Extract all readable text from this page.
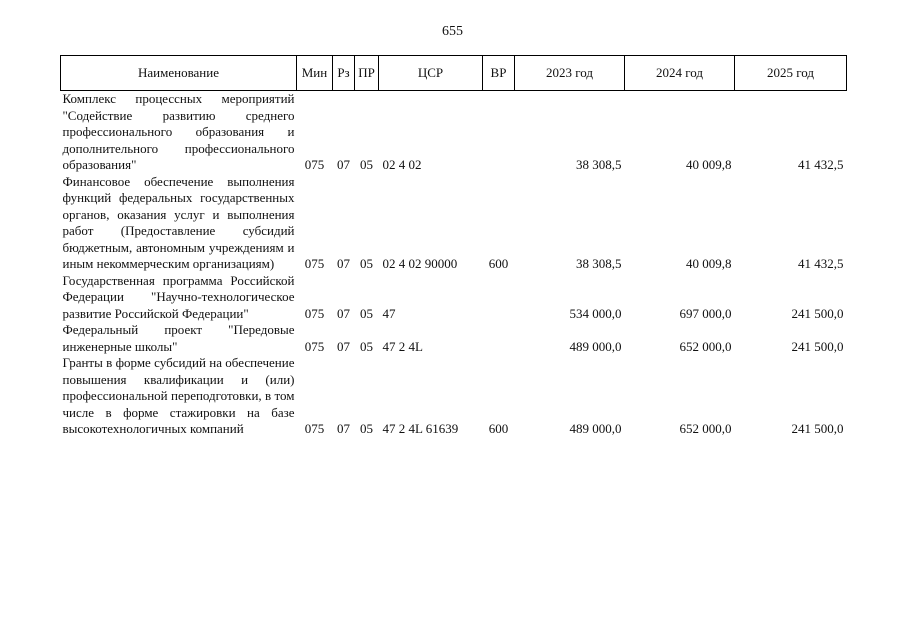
655
Наименование	Мин	Рз	ПР	ЦСР	ВР	2023 год	2024 год	2025 год
Комплекс процессных мероприятий "Содействие развитию среднего профессионального образования и дополнительного профессионального образования"	075	07	05	02 4 02		38 308,5	40 009,8	41 432,5
Финансовое обеспечение выполнения функций федеральных государственных органов, оказания услуг и выполнения работ (Предоставление субсидий бюджетным, автономным учреждениям и иным некоммерческим организациям)	075	07	05	02 4 02 90000	600	38 308,5	40 009,8	41 432,5
Государственная программа Российской Федерации "Научно-технологическое развитие Российской Федерации"	075	07	05	47		534 000,0	697 000,0	241 500,0
Федеральный проект "Передовые инженерные школы"	075	07	05	47 2 4L		489 000,0	652 000,0	241 500,0
Гранты в форме субсидий на обеспечение повышения квалификации и (или) профессиональной переподготовки, в том числе в форме стажировки на базе высокотехнологичных компаний	075	07	05	47 2 4L 61639	600	489 000,0	652 000,0	241 500,0
